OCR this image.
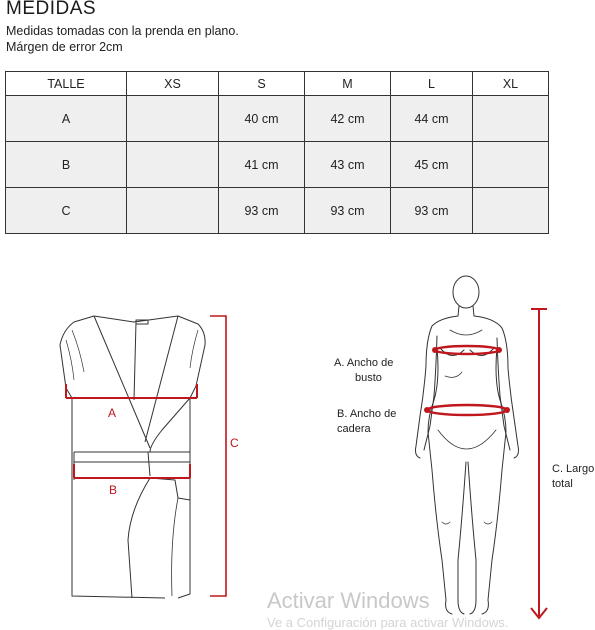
MEDIDAS
Medidas tomadas con la prenda en plano.
Márgen de error 2cm
TALLE	XS	S	M	L	XL
A		40 cm	42 cm	44 cm	
B		41 cm	43 cm	45 cm	
C		93 cm	93 cm	93 cm	
A
B
C
A. Ancho de
busto
B. Ancho de
cadera
C. Largo
total
Activar Windows
Ve a Configuración para activar Windows.
